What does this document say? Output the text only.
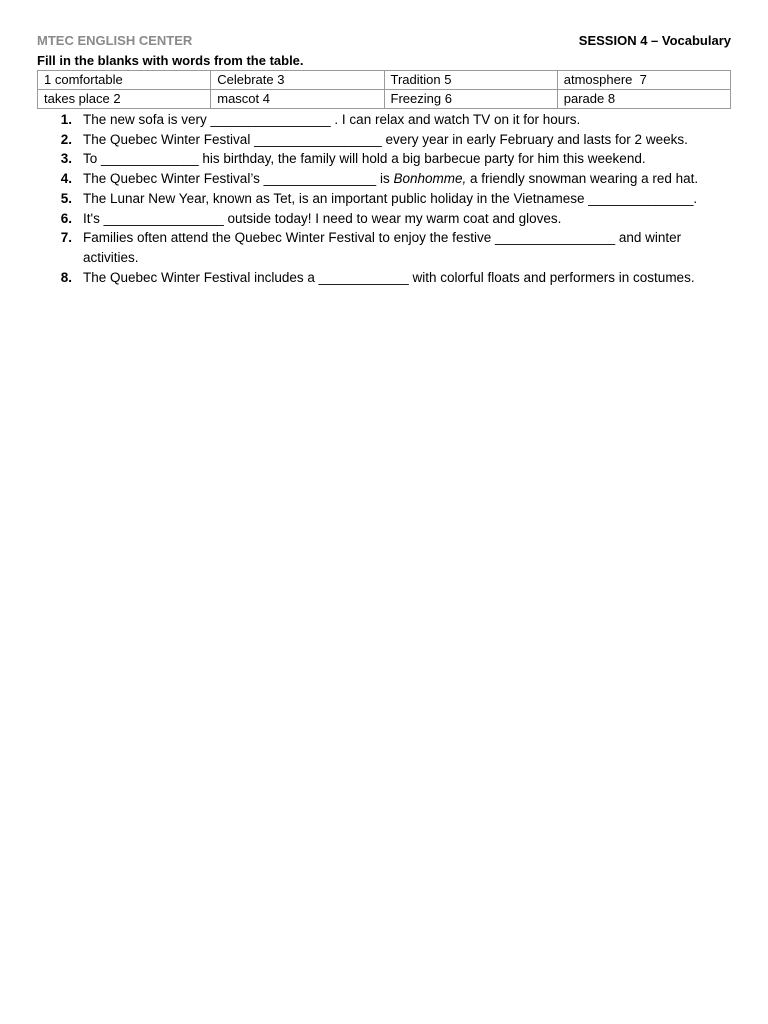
MTEC ENGLISH CENTER	SESSION 4 – Vocabulary
Fill in the blanks with words from the table.
1 comfortable	Celebrate 3	Tradition 5	atmosphere  7
takes place 2	mascot 4	Freezing 6	parade 8
1. The new sofa is very ________________ . I can relax and watch TV on it for hours.
2. The Quebec Winter Festival _________________ every year in early February and lasts for 2 weeks.
3. To _____________ his birthday, the family will hold a big barbecue party for him this weekend.
4. The Quebec Winter Festival’s _______________ is Bonhomme, a friendly snowman wearing a red hat.
5. The Lunar New Year, known as Tet, is an important public holiday in the Vietnamese ______________.
6. It's ________________ outside today! I need to wear my warm coat and gloves.
7. Families often attend the Quebec Winter Festival to enjoy the festive ________________ and winter activities.
8. The Quebec Winter Festival includes a ____________ with colorful floats and performers in costumes.
